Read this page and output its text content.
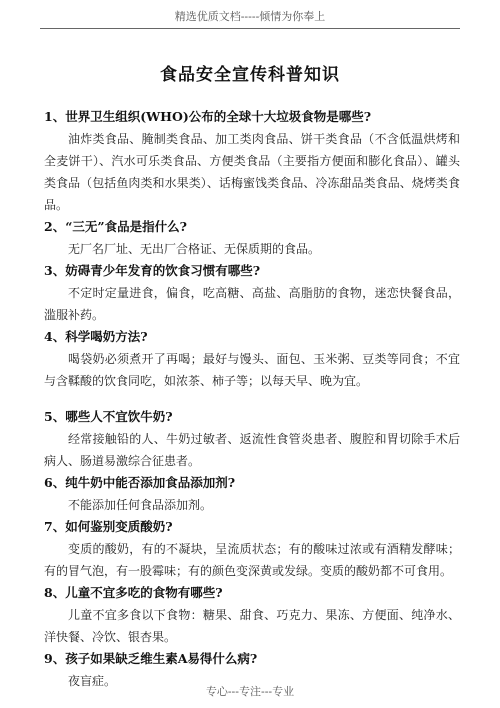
精选优质文档-----倾情为你奉上
食品安全宣传科普知识

1、世界卫生组织(WHO)公布的全球十大垃圾食物是哪些?

油炸类食品、腌制类食品、加工类肉食品、饼干类食品（不含低温烘烤和全麦饼干）、汽水可乐类食品、方便类食品（主要指方便面和膨化食品）、罐头类食品（包括鱼肉类和水果类）、话梅蜜饯类食品、冷冻甜品类食品、烧烤类食品。

2、“三无”食品是指什么?

无厂名厂址、无出厂合格证、无保质期的食品。

3、妨碍青少年发育的饮食习惯有哪些?

不定时定量进食，偏食，吃高糖、高盐、高脂肪的食物，迷恋快餐食品，滥服补药。

4、科学喝奶方法?

喝袋奶必须煮开了再喝；最好与馒头、面包、玉米粥、豆类等同食；不宜与含鞣酸的饮食同吃，如浓茶、柿子等；以每天早、晚为宜。

5、哪些人不宜饮牛奶?

经常接触铅的人、牛奶过敏者、返流性食管炎患者、腹腔和胃切除手术后病人、肠道易激综合征患者。

6、纯牛奶中能否添加食品添加剂?

不能添加任何食品添加剂。

7、如何鉴别变质酸奶?

变质的酸奶，有的不凝块，呈流质状态；有的酸味过浓或有酒精发酵味；有的冒气泡，有一股霉味；有的颜色变深黄或发绿。变质的酸奶都不可食用。

8、儿童不宜多吃的食物有哪些?

儿童不宜多食以下食物：糖果、甜食、巧克力、果冻、方便面、纯净水、洋快餐、冷饮、银杏果。

9、孩子如果缺乏维生素A易得什么病?

夜盲症。

专心---专注---专业
